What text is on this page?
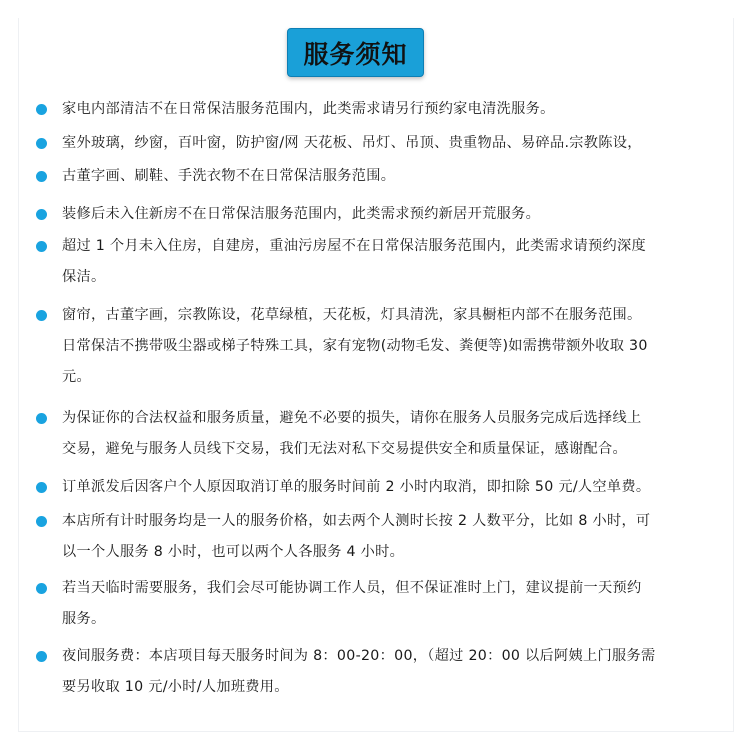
服务须知
家电内部清洁不在日常保洁服务范围内，此类需求请另行预约家电清洗服务。
室外玻璃，纱窗，百叶窗，防护窗/网 天花板、吊灯、吊顶、贵重物品、易碎品.宗教陈设，
古董字画、刷鞋、手洗衣物不在日常保洁服务范围。
装修后未入住新房不在日常保洁服务范围内，此类需求预约新居开荒服务。
超过 1 个月未入住房，自建房，重油污房屋不在日常保洁服务范围内，此类需求请预约深度
保洁。
窗帘，古董字画，宗教陈设，花草绿植，天花板，灯具清洗，家具橱柜内部不在服务范围。
日常保洁不携带吸尘器或梯子特殊工具，家有宠物(动物毛发、粪便等)如需携带额外收取 30
元。
为保证你的合法权益和服务质量，避免不必要的损失，请你在服务人员服务完成后选择线上
交易，避免与服务人员线下交易，我们无法对私下交易提供安全和质量保证，感谢配合。
订单派发后因客户个人原因取消订单的服务时间前 2 小时内取消，即扣除 50 元/人空单费。
本店所有计时服务均是一人的服务价格，如去两个人测时长按 2 人数平分，比如 8 小时，可
以一个人服务 8 小时，也可以两个人各服务 4 小时。
若当天临时需要服务，我们会尽可能协调工作人员，但不保证准时上门，建议提前一天预约
服务。
夜间服务费：本店项目每天服务时间为 8：00-20：00，（超过 20：00 以后阿姨上门服务需
要另收取 10 元/小时/人加班费用。
